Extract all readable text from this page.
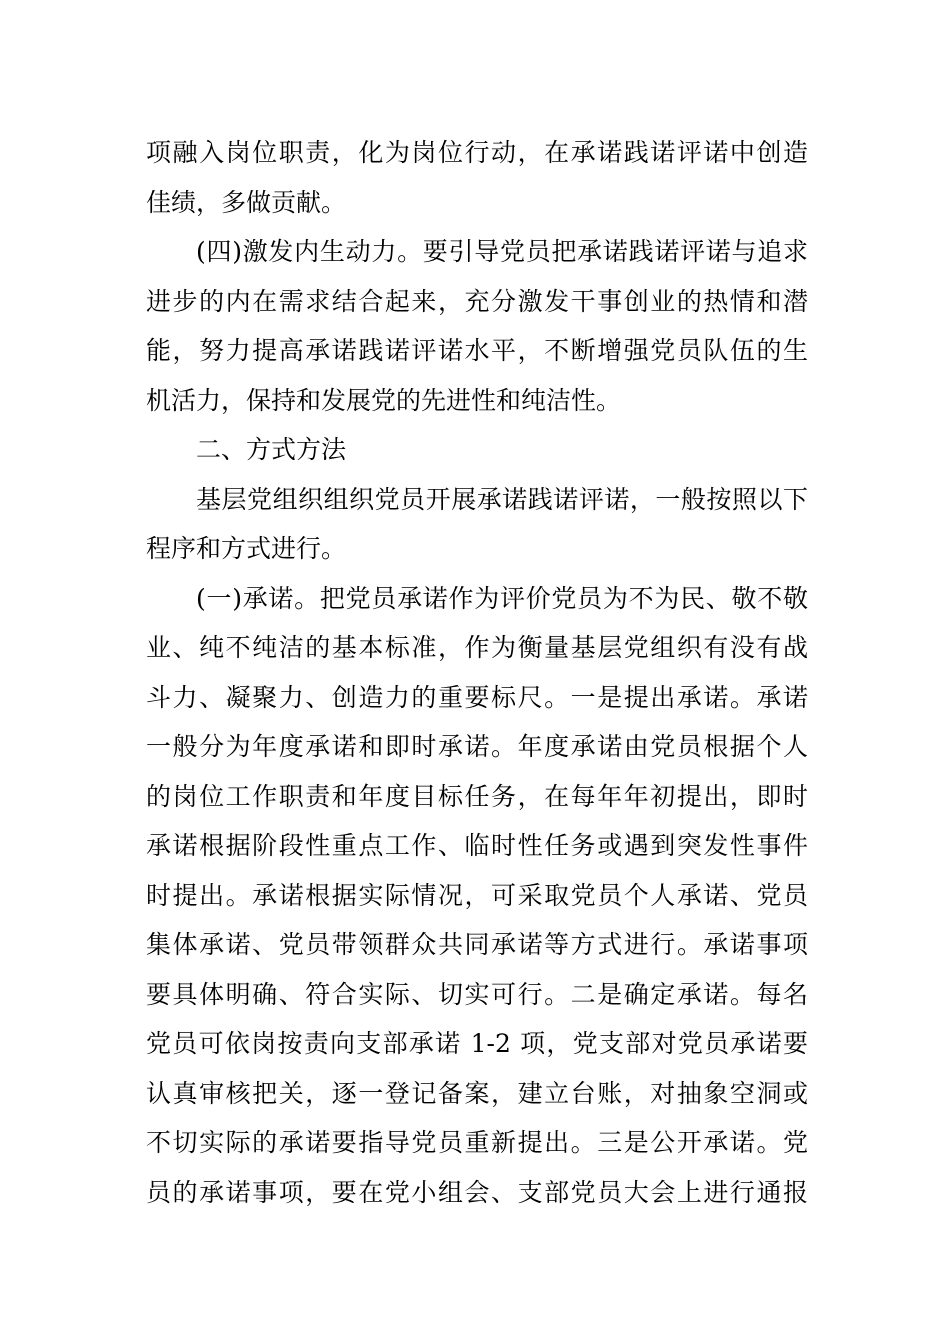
项融入岗位职责，化为岗位行动，在承诺践诺评诺中创造
佳绩，多做贡献。

(四)激发内生动力。要引导党员把承诺践诺评诺与追求
进步的内在需求结合起来，充分激发干事创业的热情和潜
能，努力提高承诺践诺评诺水平，不断增强党员队伍的生
机活力，保持和发展党的先进性和纯洁性。

二、方式方法

基层党组织组织党员开展承诺践诺评诺，一般按照以下
程序和方式进行。

(一)承诺。把党员承诺作为评价党员为不为民、敬不敬
业、纯不纯洁的基本标准，作为衡量基层党组织有没有战
斗力、凝聚力、创造力的重要标尺。一是提出承诺。承诺
一般分为年度承诺和即时承诺。年度承诺由党员根据个人
的岗位工作职责和年度目标任务，在每年年初提出，即时
承诺根据阶段性重点工作、临时性任务或遇到突发性事件
时提出。承诺根据实际情况，可采取党员个人承诺、党员
集体承诺、党员带领群众共同承诺等方式进行。承诺事项
要具体明确、符合实际、切实可行。二是确定承诺。每名
党员可依岗按责向支部承诺 1-2 项，党支部对党员承诺要
认真审核把关，逐一登记备案，建立台账，对抽象空洞或
不切实际的承诺要指导党员重新提出。三是公开承诺。党
员的承诺事项，要在党小组会、支部党员大会上进行通报
